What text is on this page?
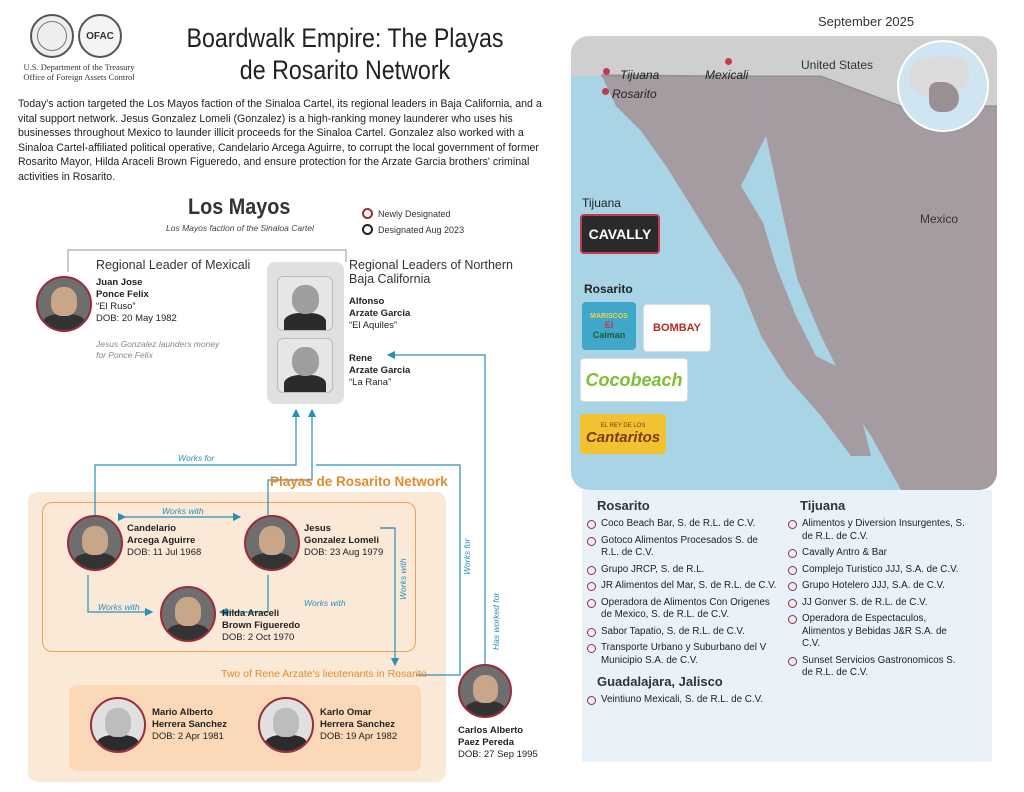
OFAC
U.S. Department of the Treasury
Office of Foreign Assets Control
Boardwalk Empire: The Playas
de Rosarito Network
Today's action targeted the Los Mayos faction of the Sinaloa Cartel, its regional leaders in Baja California, and a vital support network. Jesus Gonzalez Lomeli (Gonzalez) is a high-ranking money launderer who uses his businesses throughout Mexico to launder illicit proceeds for the Sinaloa Cartel. Gonzalez also worked with a Sinaloa Cartel-affiliated political operative, Candelario Arcega Aguirre, to corrupt the local government of former Rosarito Mayor, Hilda Araceli Brown Figueredo, and ensure protection for the Arzate Garcia brothers' criminal activities in Rosarito.
September 2025
United States
Mexico
Tijuana
Rosarito
Mexicali
Tijuana
CAVALLY
Rosarito
MARISCOS
El
Caiman
BOMBAY
Cocobeach
EL REY DE LOS
Cantaritos
Rosarito
Coco Beach Bar, S. de R.L. de C.V.
Gotoco Alimentos Procesados S. de R.L. de C.V.
Grupo JRCP, S. de R.L.
JR Alimentos del Mar, S. de R.L. de C.V.
Operadora de Alimentos Con Origenes de Mexico, S. de R.L. de C.V.
Sabor Tapatio, S. de R.L. de C.V.
Transporte Urbano y Suburbano del V Municipio S.A. de C.V.
Guadalajara, Jalisco
Veintiuno Mexicali, S. de R.L. de C.V.
Tijuana
Alimentos y Diversion Insurgentes, S. de R.L. de C.V.
Cavally Antro & Bar
Complejo Turistico JJJ, S.A. de C.V.
Grupo Hotelero JJJ, S.A. de C.V.
JJ Gonver S. de R.L. de C.V.
Operadora de Espectaculos, Alimentos y Bebidas J&R S.A. de C.V.
Sunset Servicios Gastronomicos S. de R.L. de C.V.
Los Mayos
Los Mayos faction of the Sinaloa Cartel
Newly Designated
Designated Aug 2023
Works for
Works with
Works with	Works with
Works with
Works for
Has worked for
Regional Leader of Mexicali
Juan Jose
Ponce Felix
“El Ruso”
DOB: 20 May 1982
Jesus Gonzalez launders money
for Ponce Felix
Regional Leaders of Northern
Baja California
Alfonso
Arzate Garcia
“El Aquiles”
Rene
Arzate Garcia
“La Rana”
Playas de Rosarito Network
Candelario
Arcega Aguirre
DOB: 11 Jul 1968
Jesus
Gonzalez Lomeli
DOB: 23 Aug 1979
Hilda Araceli
Brown Figueredo
DOB: 2 Oct 1970
Two of Rene Arzate's lieutenants in Rosarito
Mario Alberto
Herrera Sanchez
DOB: 2 Apr 1981
Karlo Omar
Herrera Sanchez
DOB: 19 Apr 1982
Carlos Alberto
Paez Pereda
DOB: 27 Sep 1995
